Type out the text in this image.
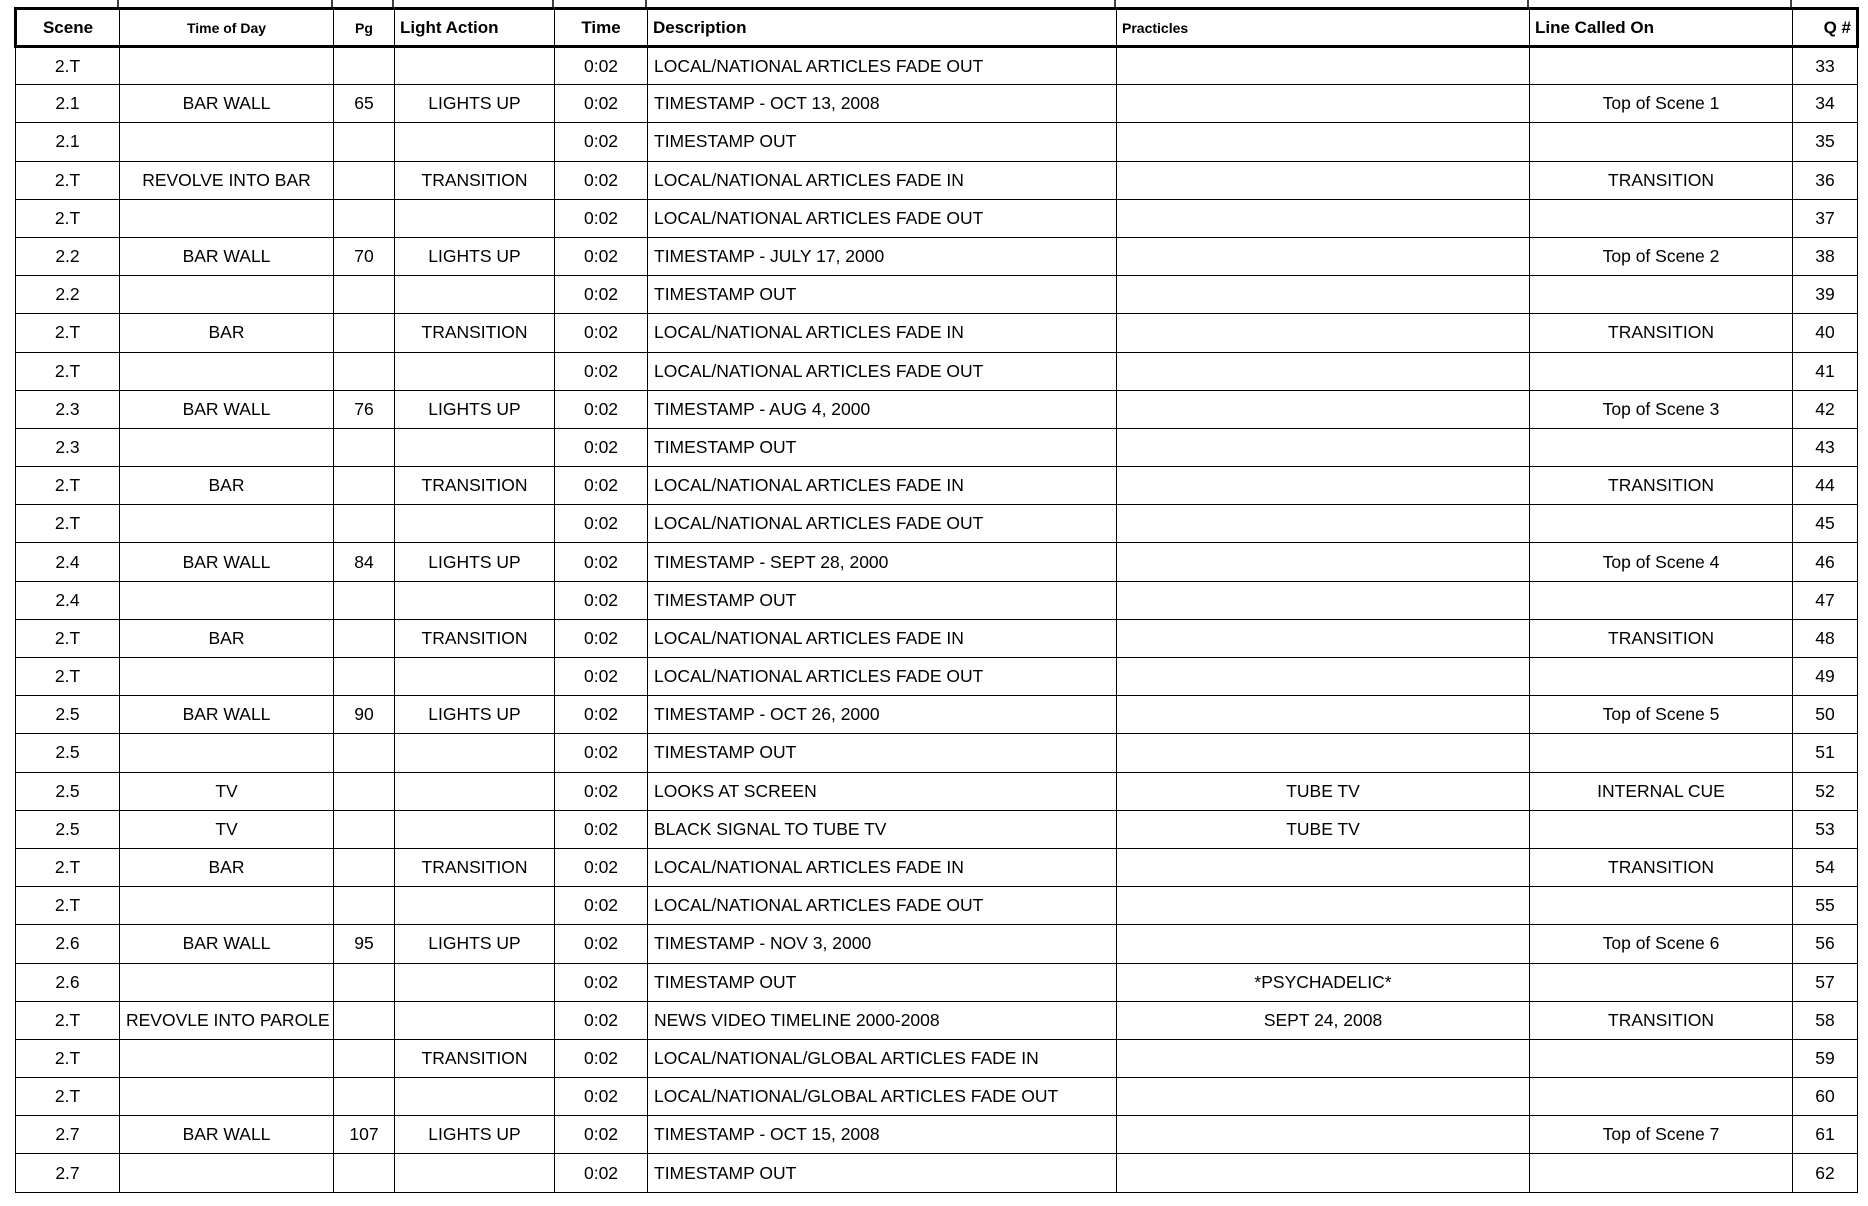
Scene	Time of Day	Pg	Light Action	Time	Description	Practicles	Line Called On	Q #
2.T				0:02	LOCAL/NATIONAL ARTICLES FADE OUT			33
2.1	BAR WALL	65	LIGHTS UP	0:02	TIMESTAMP - OCT 13, 2008		Top of Scene 1	34
2.1				0:02	TIMESTAMP OUT			35
2.T	REVOLVE INTO BAR		TRANSITION	0:02	LOCAL/NATIONAL ARTICLES FADE IN		TRANSITION	36
2.T				0:02	LOCAL/NATIONAL ARTICLES FADE OUT			37
2.2	BAR WALL	70	LIGHTS UP	0:02	TIMESTAMP - JULY 17, 2000		Top of Scene 2	38
2.2				0:02	TIMESTAMP OUT			39
2.T	BAR		TRANSITION	0:02	LOCAL/NATIONAL ARTICLES FADE IN		TRANSITION	40
2.T				0:02	LOCAL/NATIONAL ARTICLES FADE OUT			41
2.3	BAR WALL	76	LIGHTS UP	0:02	TIMESTAMP - AUG 4, 2000		Top of Scene 3	42
2.3				0:02	TIMESTAMP OUT			43
2.T	BAR		TRANSITION	0:02	LOCAL/NATIONAL ARTICLES FADE IN		TRANSITION	44
2.T				0:02	LOCAL/NATIONAL ARTICLES FADE OUT			45
2.4	BAR WALL	84	LIGHTS UP	0:02	TIMESTAMP - SEPT 28, 2000		Top of Scene 4	46
2.4				0:02	TIMESTAMP OUT			47
2.T	BAR		TRANSITION	0:02	LOCAL/NATIONAL ARTICLES FADE IN		TRANSITION	48
2.T				0:02	LOCAL/NATIONAL ARTICLES FADE OUT			49
2.5	BAR WALL	90	LIGHTS UP	0:02	TIMESTAMP - OCT 26, 2000		Top of Scene 5	50
2.5				0:02	TIMESTAMP OUT			51
2.5	TV			0:02	LOOKS AT SCREEN	TUBE TV	INTERNAL CUE	52
2.5	TV			0:02	BLACK SIGNAL TO TUBE TV	TUBE TV		53
2.T	BAR		TRANSITION	0:02	LOCAL/NATIONAL ARTICLES FADE IN		TRANSITION	54
2.T				0:02	LOCAL/NATIONAL ARTICLES FADE OUT			55
2.6	BAR WALL	95	LIGHTS UP	0:02	TIMESTAMP - NOV 3, 2000		Top of Scene 6	56
2.6				0:02	TIMESTAMP OUT	*PSYCHADELIC*		57
2.T	REVOVLE INTO PAROLE			0:02	NEWS VIDEO TIMELINE 2000-2008	SEPT 24, 2008	TRANSITION	58
2.T			TRANSITION	0:02	LOCAL/NATIONAL/GLOBAL ARTICLES FADE IN			59
2.T				0:02	LOCAL/NATIONAL/GLOBAL ARTICLES FADE OUT			60
2.7	BAR WALL	107	LIGHTS UP	0:02	TIMESTAMP - OCT 15, 2008		Top of Scene 7	61
2.7				0:02	TIMESTAMP OUT			62
